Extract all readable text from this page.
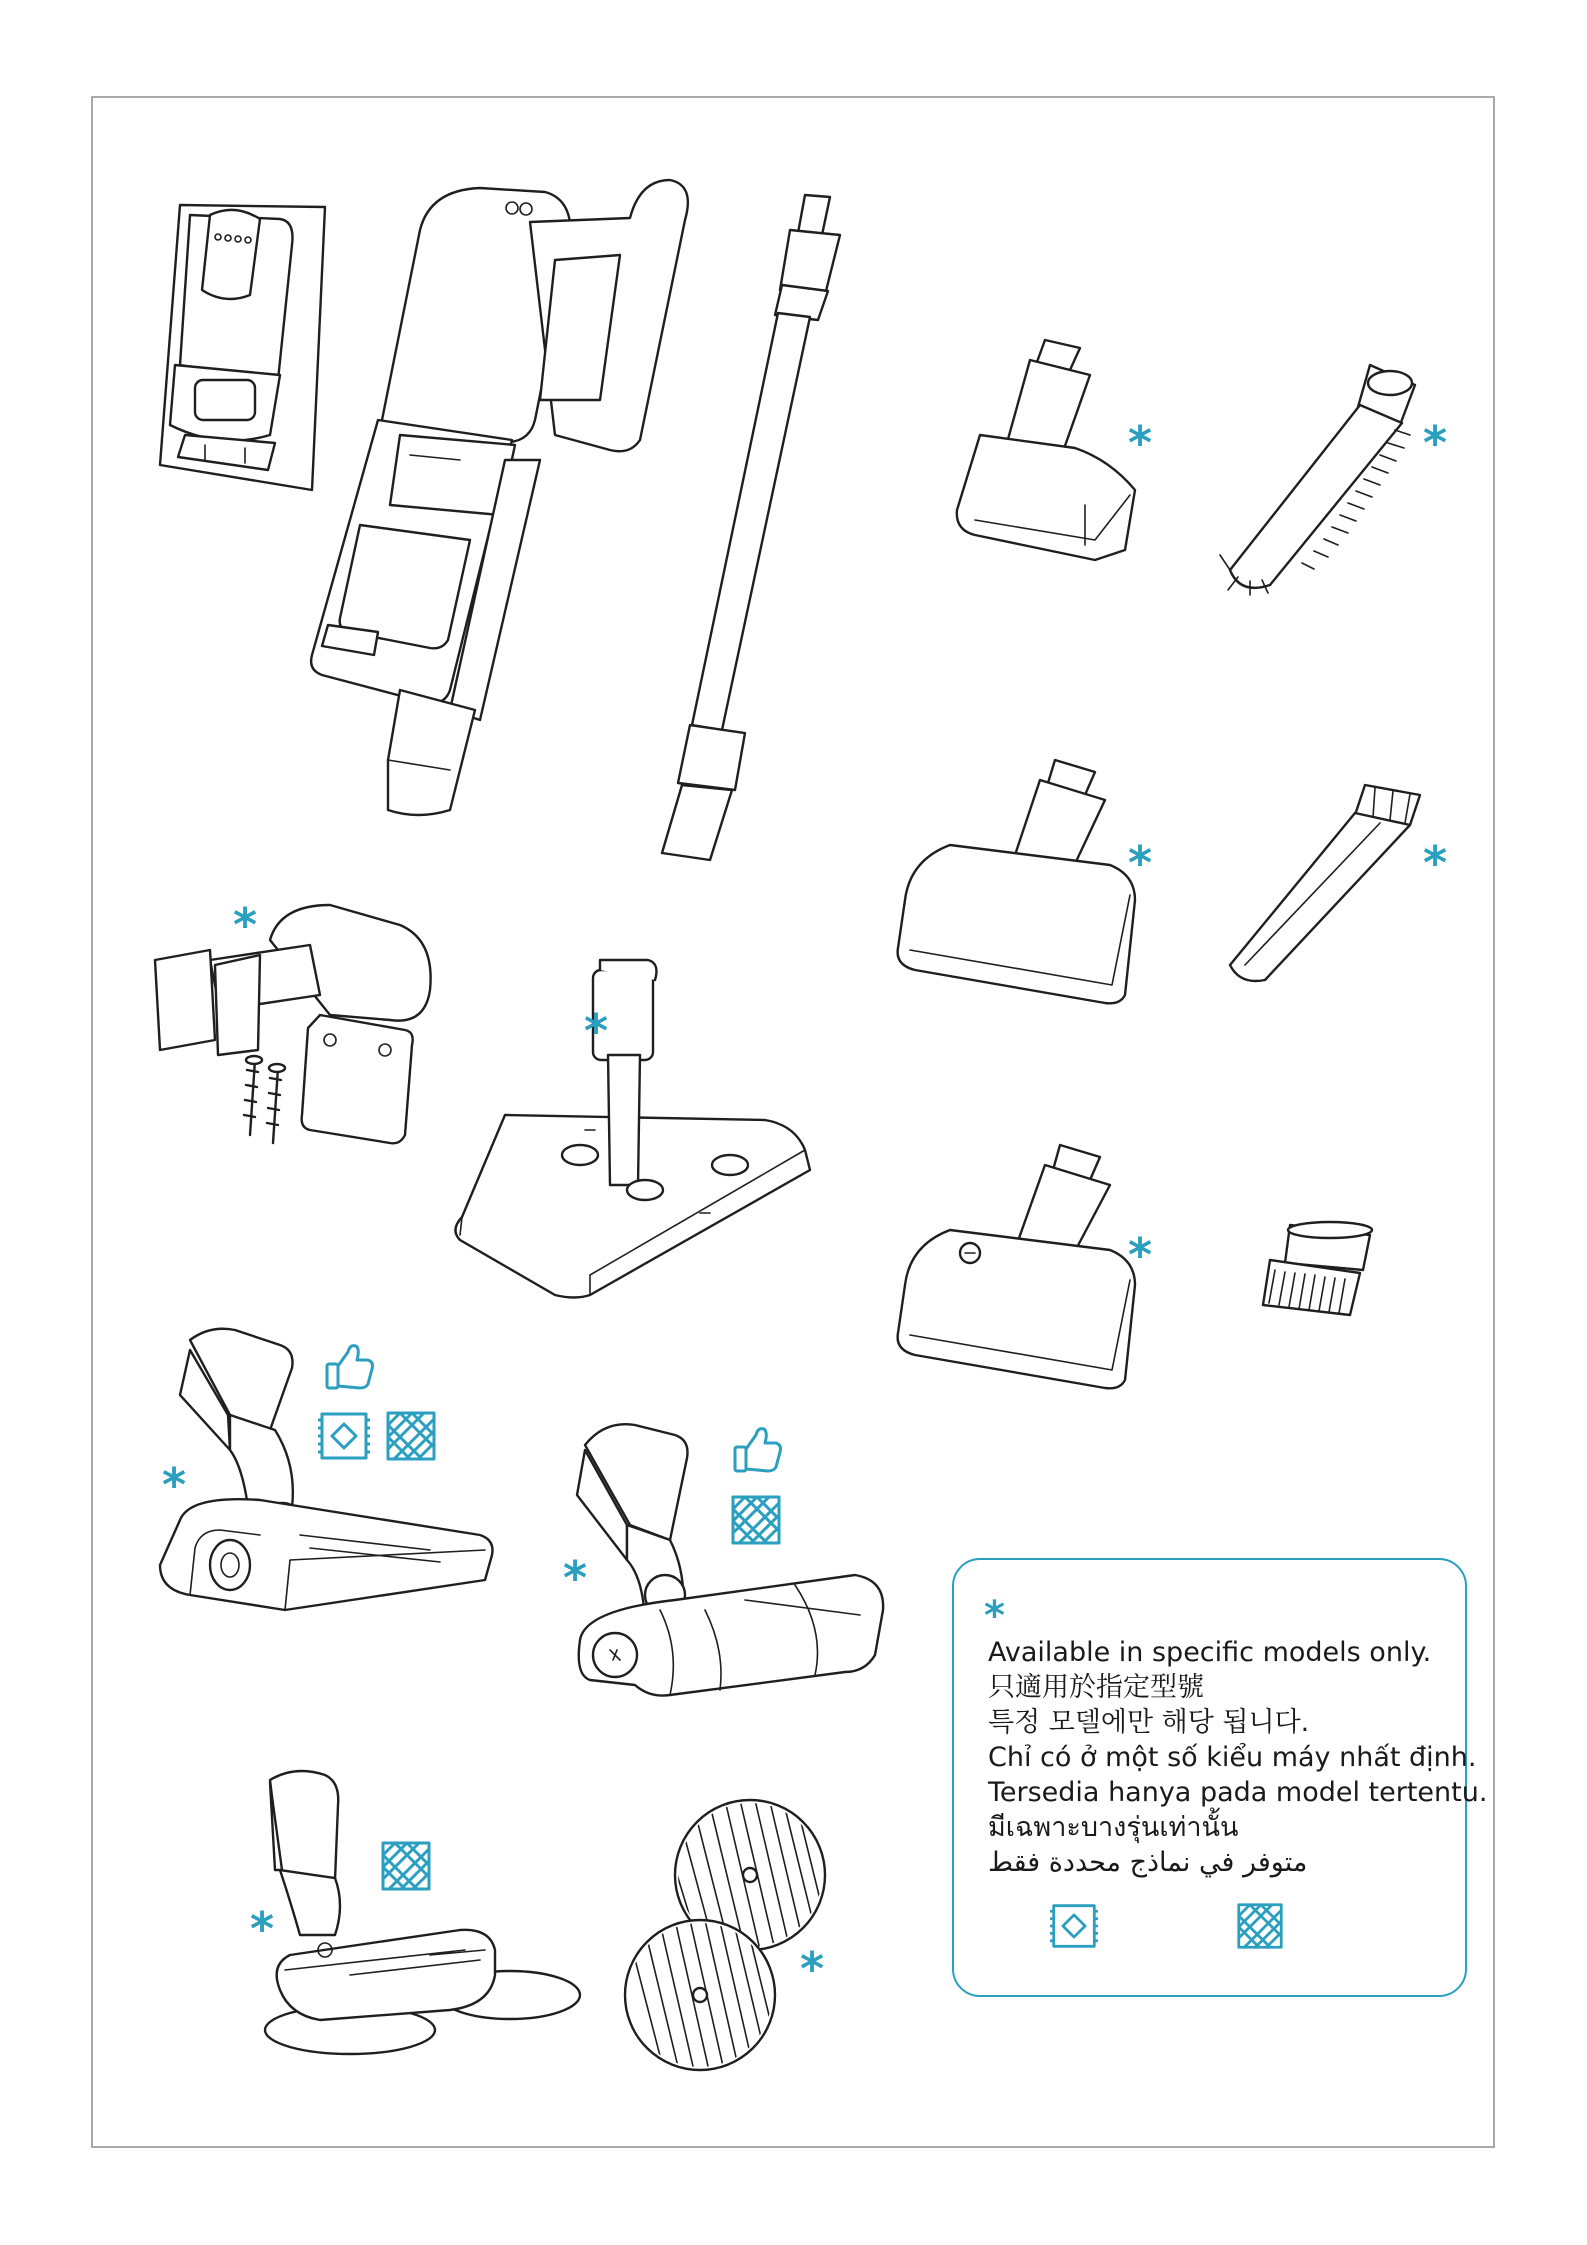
*	*
*	*
*
*
*
*
*
*
*
*
Available in specific models only.
只適用於指定型號
특정 모델에만 해당 됩니다.
Chỉ có ở một số kiểu máy nhất định.
Tersedia hanya pada model tertentu.
มีเฉพาะบางรุ่นเท่านั้น
متوفر في نماذج محددة فقط
